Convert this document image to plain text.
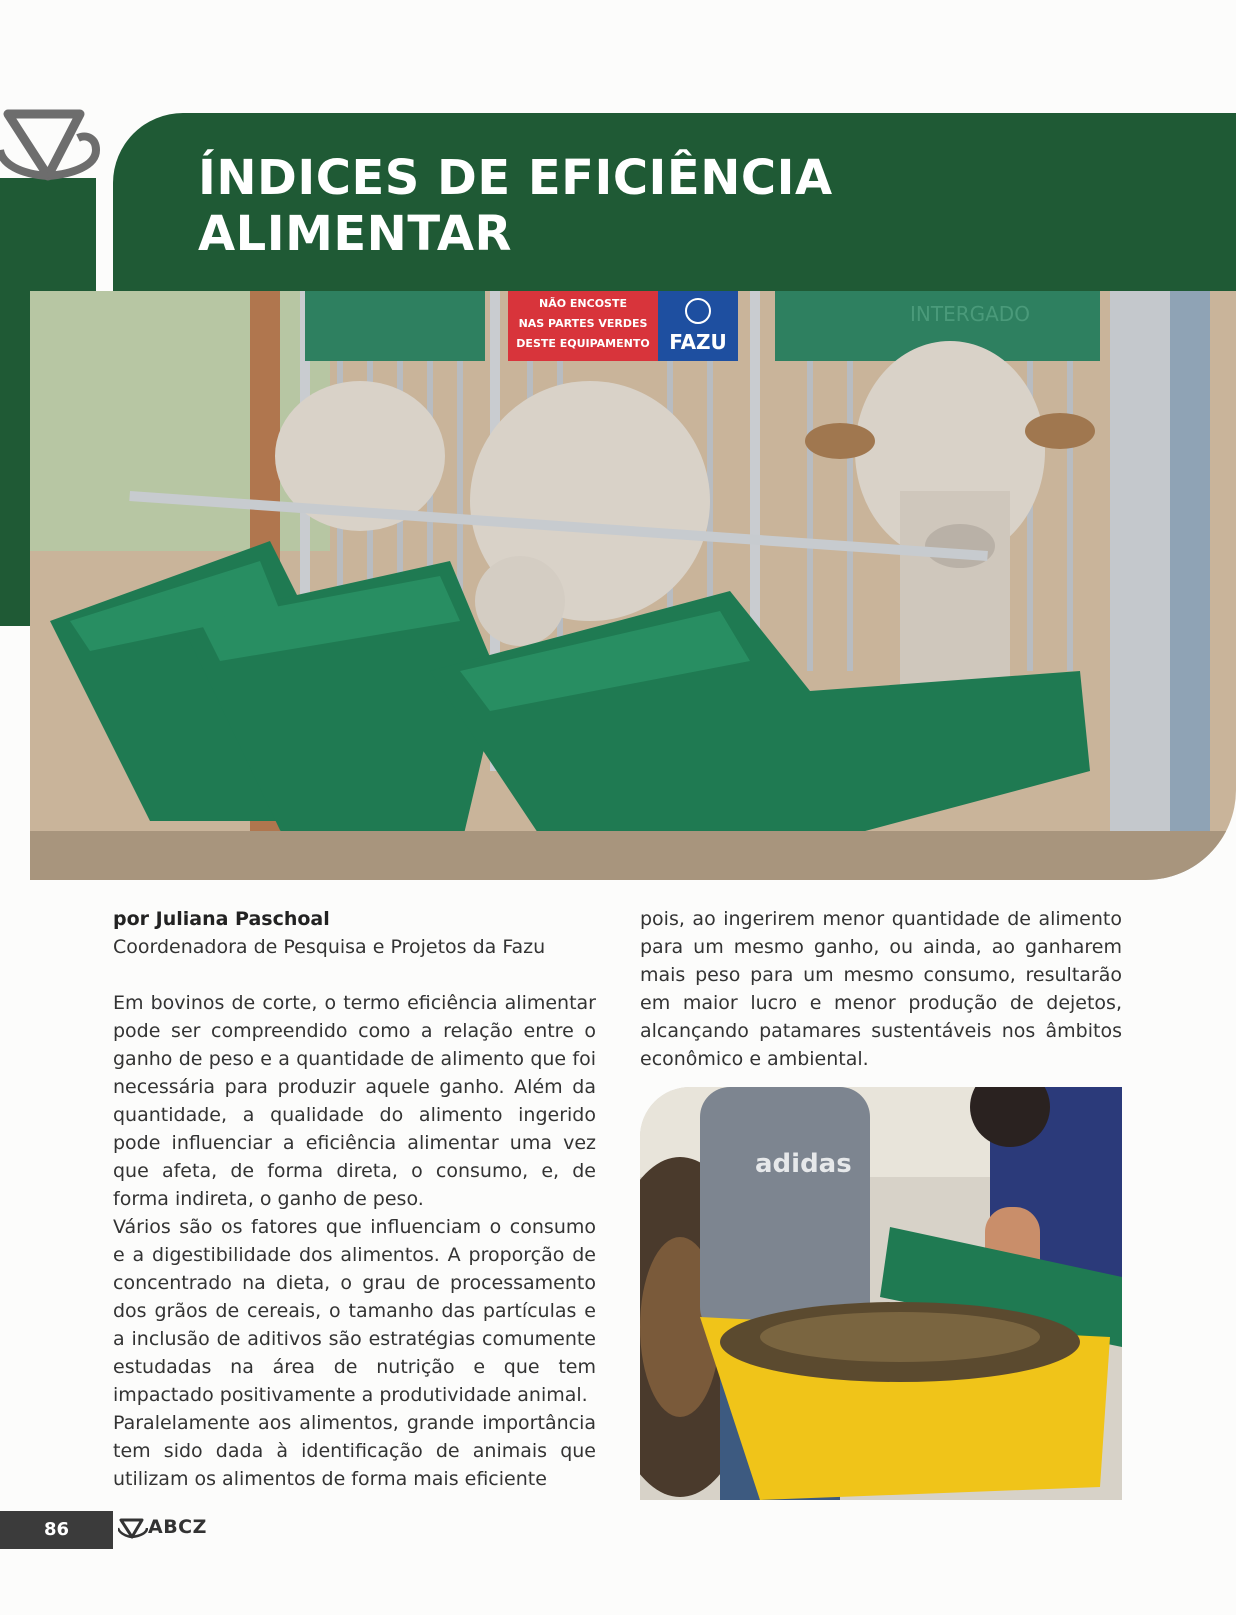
ÍNDICES DE EFICIÊNCIA
ALIMENTAR
INTERGADO
NÃO ENCOSTE
NAS PARTES VERDES
DESTE EQUIPAMENTO FAZU

por Juliana Paschoal

Coordenadora de Pesquisa e Projetos da Fazu

Em bovinos de corte, o termo eficiência alimentar pode ser compreendido como a relação entre o ganho de peso e a quantidade de alimento que foi necessária para produzir aquele ganho. Além da quantidade, a qualidade do alimento ingerido pode influenciar a eficiência alimentar uma vez que afeta, de forma direta, o consumo, e, de forma indireta, o ganho de peso.

Vários são os fatores que influenciam o consumo e a digestibilidade dos alimentos. A proporção de concentrado na dieta, o grau de processamento dos grãos de cereais, o tamanho das partículas e a inclusão de aditivos são estratégias comumente estudadas na área de nutrição e que tem impactado positivamente a produtividade animal.

Paralelamente aos alimentos, grande importância tem sido dada à identificação de animais que utilizam os alimentos de forma mais eficiente

pois, ao ingerirem menor quantidade de alimento para um mesmo ganho, ou ainda, ao ganharem mais peso para um mesmo consumo, resultarão em maior lucro e menor produção de dejetos, alcançando patamares sustentáveis nos âmbitos econômico e ambiental.

adidas
86	ABCZ
